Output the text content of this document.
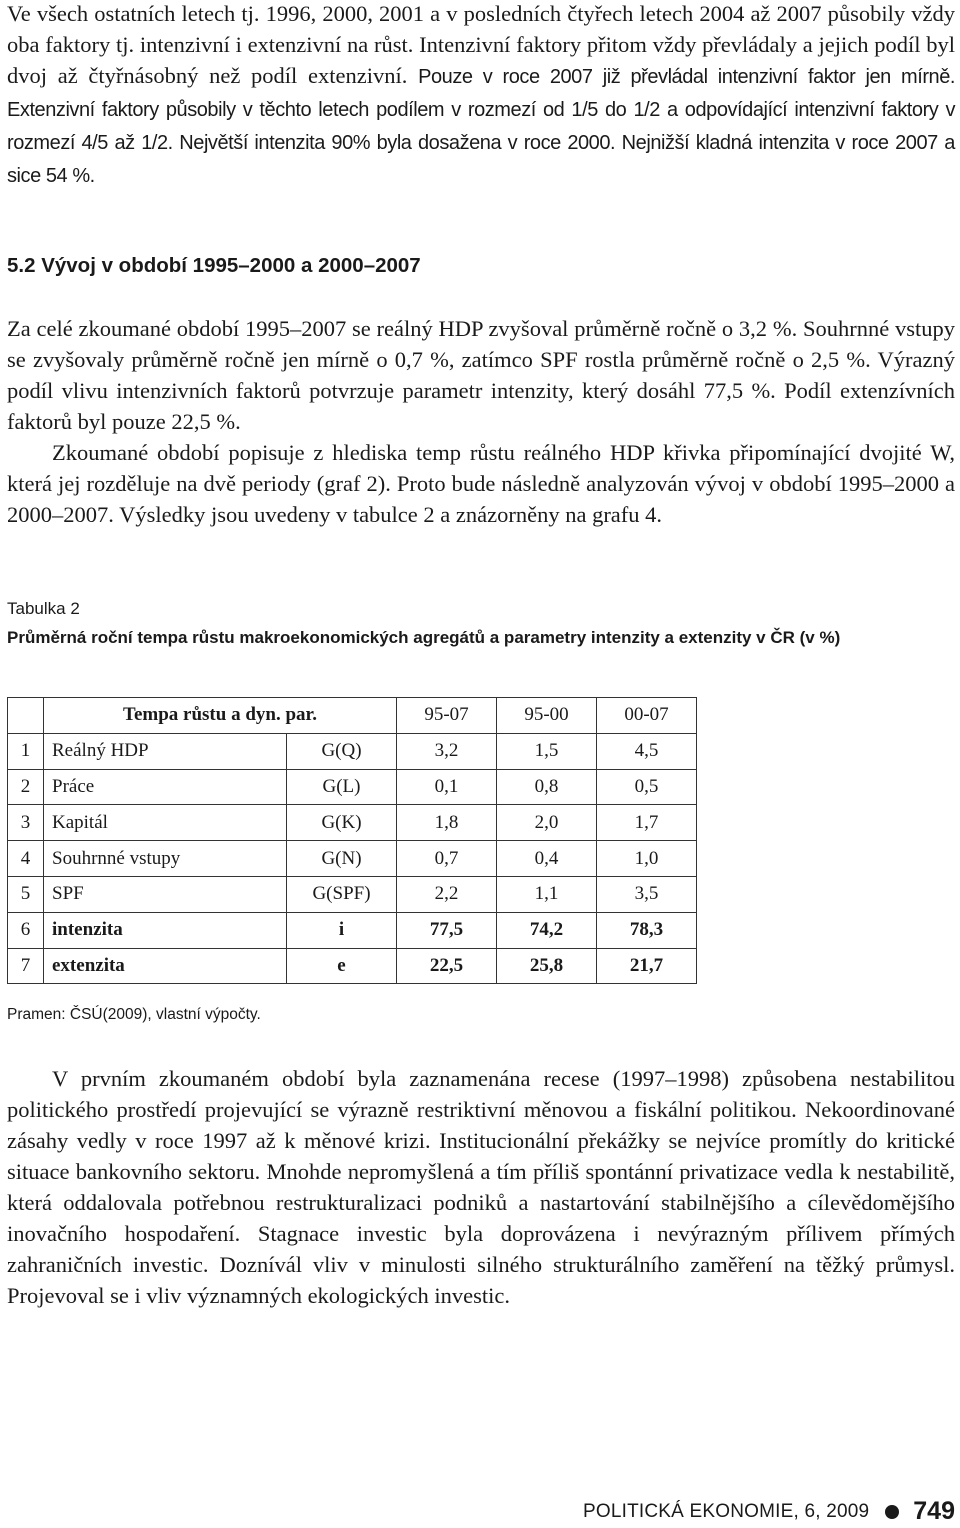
Ve všech ostatních letech tj. 1996, 2000, 2001 a v posledních čtyřech letech 2004 až 2007 působily vždy oba faktory tj. intenzivní i extenzivní na růst. Intenzivní faktory přitom vždy převládaly a jejich podíl byl dvoj až čtyřnásobný než podíl extenzivní. Pouze v roce 2007 již převládal intenzivní faktor jen mírně. Extenzivní faktory působily v těchto letech podílem v rozmezí od 1/5 do 1/2 a odpovídající intenzivní faktory v rozmezí 4/5 až 1/2. Největší intenzita 90% byla dosažena v roce 2000. Nejnižší kladná intenzita v roce 2007 a sice 54 %.

5.2 Vývoj v období 1995–2000 a 2000–2007

Za celé zkoumané období 1995–2007 se reálný HDP zvyšoval průměrně ročně o 3,2 %. Souhrnné vstupy se zvyšovaly průměrně ročně jen mírně o 0,7 %, zatímco SPF rostla průměrně ročně o 2,5 %. Výrazný podíl vlivu intenzivních faktorů potvrzuje parametr intenzity, který dosáhl 77,5 %. Podíl extenzívních faktorů byl pouze 22,5 %.

Zkoumané období popisuje z hlediska temp růstu reálného HDP křivka připomínající dvojité W, která jej rozděluje na dvě periody (graf 2). Proto bude následně analyzován vývoj v období 1995–2000 a 2000–2007. Výsledky jsou uvedeny v tabulce 2 a znázorněny na grafu 4.

Tabulka 2
Průměrná roční tempa růstu makroekonomických agregátů a parametry intenzity a extenzity v ČR (v %)
	Tempa růstu a dyn. par.		95-07	95-00	00-07
1	Reálný HDP	G(Q)	3,2	1,5	4,5
2	Práce	G(L)	0,1	0,8	0,5
3	Kapitál	G(K)	1,8	2,0	1,7
4	Souhrnné vstupy	G(N)	0,7	0,4	1,0
5	SPF	G(SPF)	2,2	1,1	3,5
6	intenzita	i	77,5	74,2	78,3
7	extenzita	e	22,5	25,8	21,7
Pramen: ČSÚ(2009), vlastní výpočty.

V prvním zkoumaném období byla zaznamenána recese (1997–1998) způsobena nestabilitou politického prostředí projevující se výrazně restriktivní měnovou a fiskální politikou. Nekoordinované zásahy vedly v roce 1997 až k měnové krizi. Institucionální překážky se nejvíce promítly do kritické situace bankovního sektoru. Mnohde nepromyšlená a tím příliš spontánní privatizace vedla k nestabilitě, která oddalovala potřebnou restrukturalizaci podniků a nastartování stabilnějšího a cílevědomějšího inovačního hospodaření. Stagnace investic byla doprovázena i nevýrazným přílivem přímých zahraničních investic. Doznívál vliv v minulosti silného strukturálního zaměření na těžký průmysl. Projevoval se i vliv významných ekologických investic.

POLITICKÁ EKONOMIE, 6, 2009 749
